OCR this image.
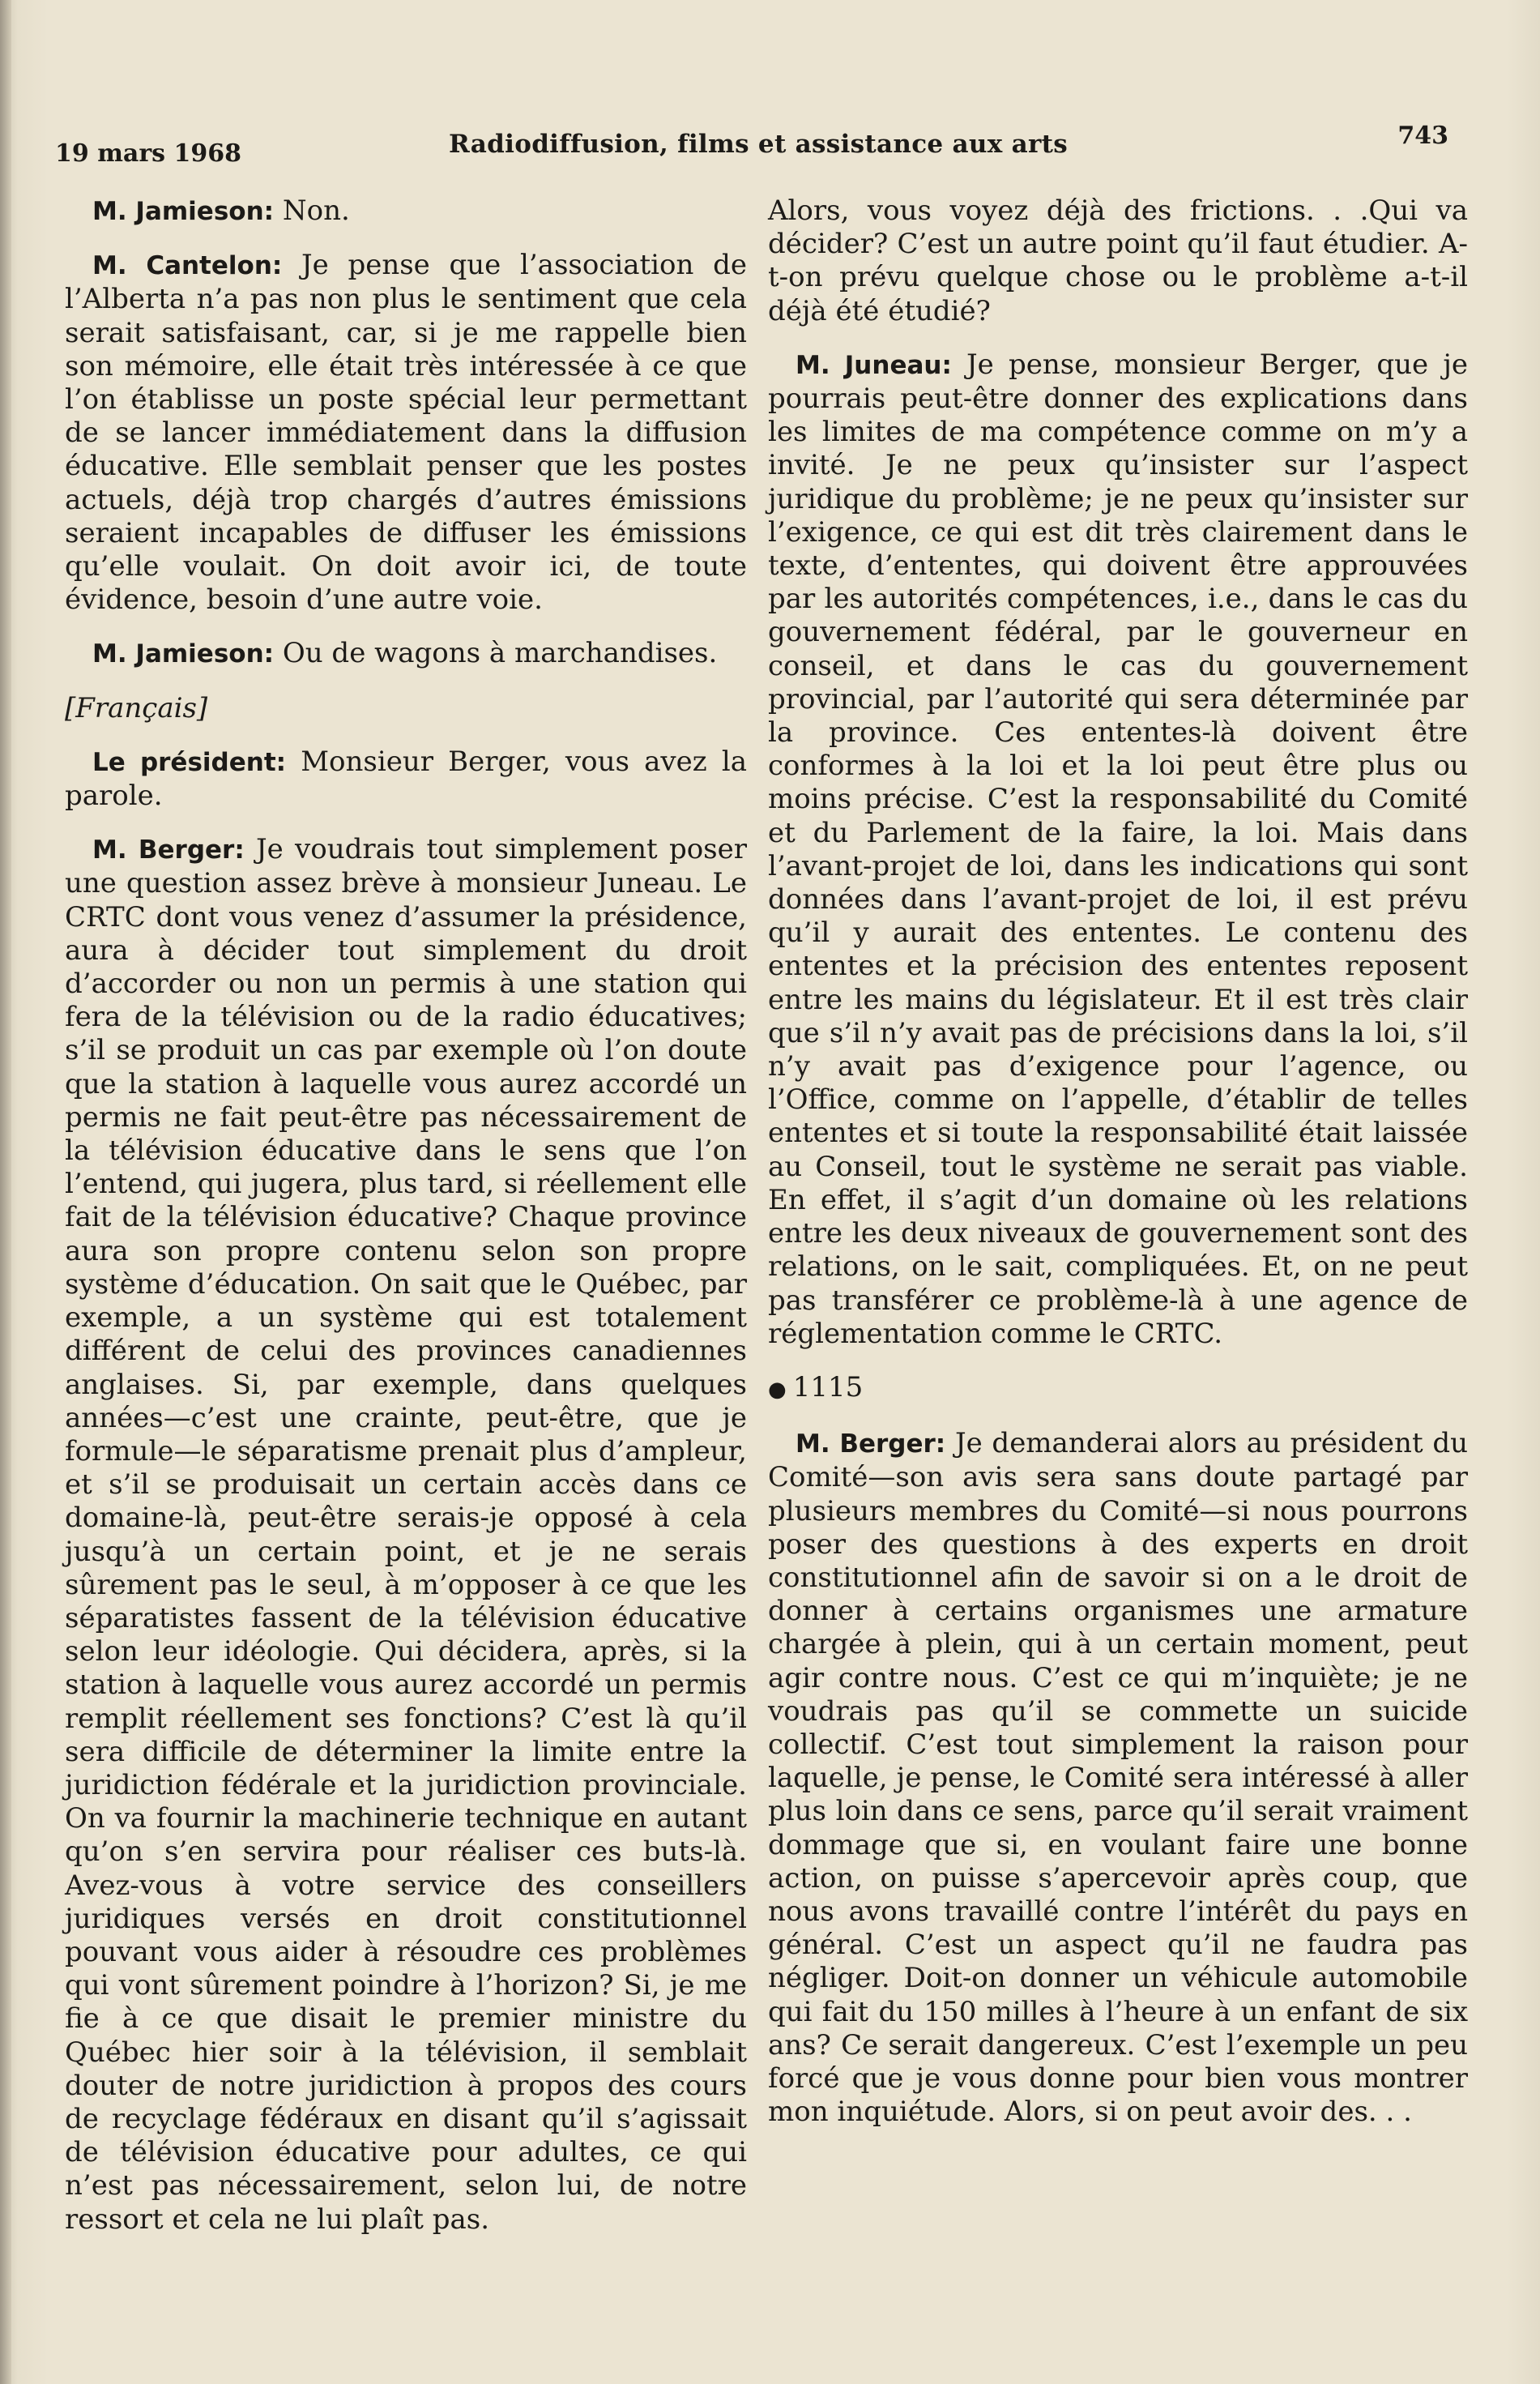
19 mars 1968	Radiodiffusion, films et assistance aux arts	743

 M. Jamieson: Non.

 M. Cantelon: Je pense que l’association de l’Alberta n’a pas non plus le sentiment que cela serait satisfaisant, car, si je me rappelle bien son mémoire, elle était très intéressée à ce que l’on établisse un poste spécial leur permettant de se lancer immédiatement dans la diffusion éducative. Elle semblait penser que les postes actuels, déjà trop chargés d’autres émissions seraient incapables de diffuser les émissions qu’elle voulait. On doit avoir ici, de toute évidence, besoin d’une autre voie.

 M. Jamieson: Ou de wagons à marchandises.

[Français]

 Le président: Monsieur Berger, vous avez la parole.

 M. Berger: Je voudrais tout simplement poser une question assez brève à monsieur Juneau. Le CRTC dont vous venez d’assumer la présidence, aura à décider tout simplement du droit d’accorder ou non un permis à une station qui fera de la télévision ou de la radio éducatives; s’il se produit un cas par exemple où l’on doute que la station à laquelle vous aurez accordé un permis ne fait peut-être pas nécessairement de la télévision éducative dans le sens que l’on l’entend, qui jugera, plus tard, si réellement elle fait de la télévision éducative? Chaque province aura son propre contenu selon son propre système d’éducation. On sait que le Québec, par exemple, a un système qui est totalement différent de celui des provinces canadiennes anglaises. Si, par exemple, dans quelques années—c’est une crainte, peut-être, que je formule—le séparatisme prenait plus d’ampleur, et s’il se produisait un certain accès dans ce domaine-là, peut-être serais-je opposé à cela jusqu’à un certain point, et je ne serais sûrement pas le seul, à m’opposer à ce que les séparatistes fassent de la télévision éducative selon leur idéologie. Qui décidera, après, si la station à laquelle vous aurez accordé un permis remplit réellement ses fonctions? C’est là qu’il sera difficile de déterminer la limite entre la juridiction fédérale et la juridiction provinciale. On va fournir la machinerie technique en autant qu’on s’en servira pour réaliser ces buts-là. Avez-vous à votre service des conseillers juridiques versés en droit constitutionnel pouvant vous aider à résoudre ces problèmes qui vont sûrement poindre à l’horizon? Si, je me fie à ce que disait le premier ministre du Québec hier soir à la télévision, il semblait douter de notre juridiction à propos des cours de recyclage fédéraux en disant qu’il s’agissait de télévision éducative pour adultes, ce qui n’est pas nécessairement, selon lui, de notre ressort et cela ne lui plaît pas.

Alors, vous voyez déjà des frictions. . .Qui va décider? C’est un autre point qu’il faut étudier. A-t-on prévu quelque chose ou le problème a-t-il déjà été étudié?

 M. Juneau: Je pense, monsieur Berger, que je pourrais peut-être donner des explications dans les limites de ma compétence comme on m’y a invité. Je ne peux qu’insister sur l’aspect juridique du problème; je ne peux qu’insister sur l’exigence, ce qui est dit très clairement dans le texte, d’ententes, qui doivent être approuvées par les autorités compétences, i.e., dans le cas du gouvernement fédéral, par le gouverneur en conseil, et dans le cas du gouvernement provincial, par l’autorité qui sera déterminée par la province. Ces ententes-là doivent être conformes à la loi et la loi peut être plus ou moins précise. C’est la responsabilité du Comité et du Parlement de la faire, la loi. Mais dans l’avant-projet de loi, dans les indications qui sont données dans l’avant-projet de loi, il est prévu qu’il y aurait des ententes. Le contenu des ententes et la précision des ententes reposent entre les mains du législateur. Et il est très clair que s’il n’y avait pas de précisions dans la loi, s’il n’y avait pas d’exigence pour l’agence, ou l’Office, comme on l’appelle, d’établir de telles ententes et si toute la responsabilité était laissée au Conseil, tout le système ne serait pas viable. En effet, il s’agit d’un domaine où les relations entre les deux niveaux de gouvernement sont des relations, on le sait, compliquées. Et, on ne peut pas transférer ce problème-là à une agence de réglementation comme le CRTC.

● 1115

 M. Berger: Je demanderai alors au président du Comité—son avis sera sans doute partagé par plusieurs membres du Comité—si nous pourrons poser des questions à des experts en droit constitutionnel afin de savoir si on a le droit de donner à certains organismes une armature chargée à plein, qui à un certain moment, peut agir contre nous. C’est ce qui m’inquiète; je ne voudrais pas qu’il se commette un suicide collectif. C’est tout simplement la raison pour laquelle, je pense, le Comité sera intéressé à aller plus loin dans ce sens, parce qu’il serait vraiment dommage que si, en voulant faire une bonne action, on puisse s’apercevoir après coup, que nous avons travaillé contre l’intérêt du pays en général. C’est un aspect qu’il ne faudra pas négliger. Doit-on donner un véhicule automobile qui fait du 150 milles à l’heure à un enfant de six ans? Ce serait dangereux. C’est l’exemple un peu forcé que je vous donne pour bien vous montrer mon inquiétude. Alors, si on peut avoir des. . .
